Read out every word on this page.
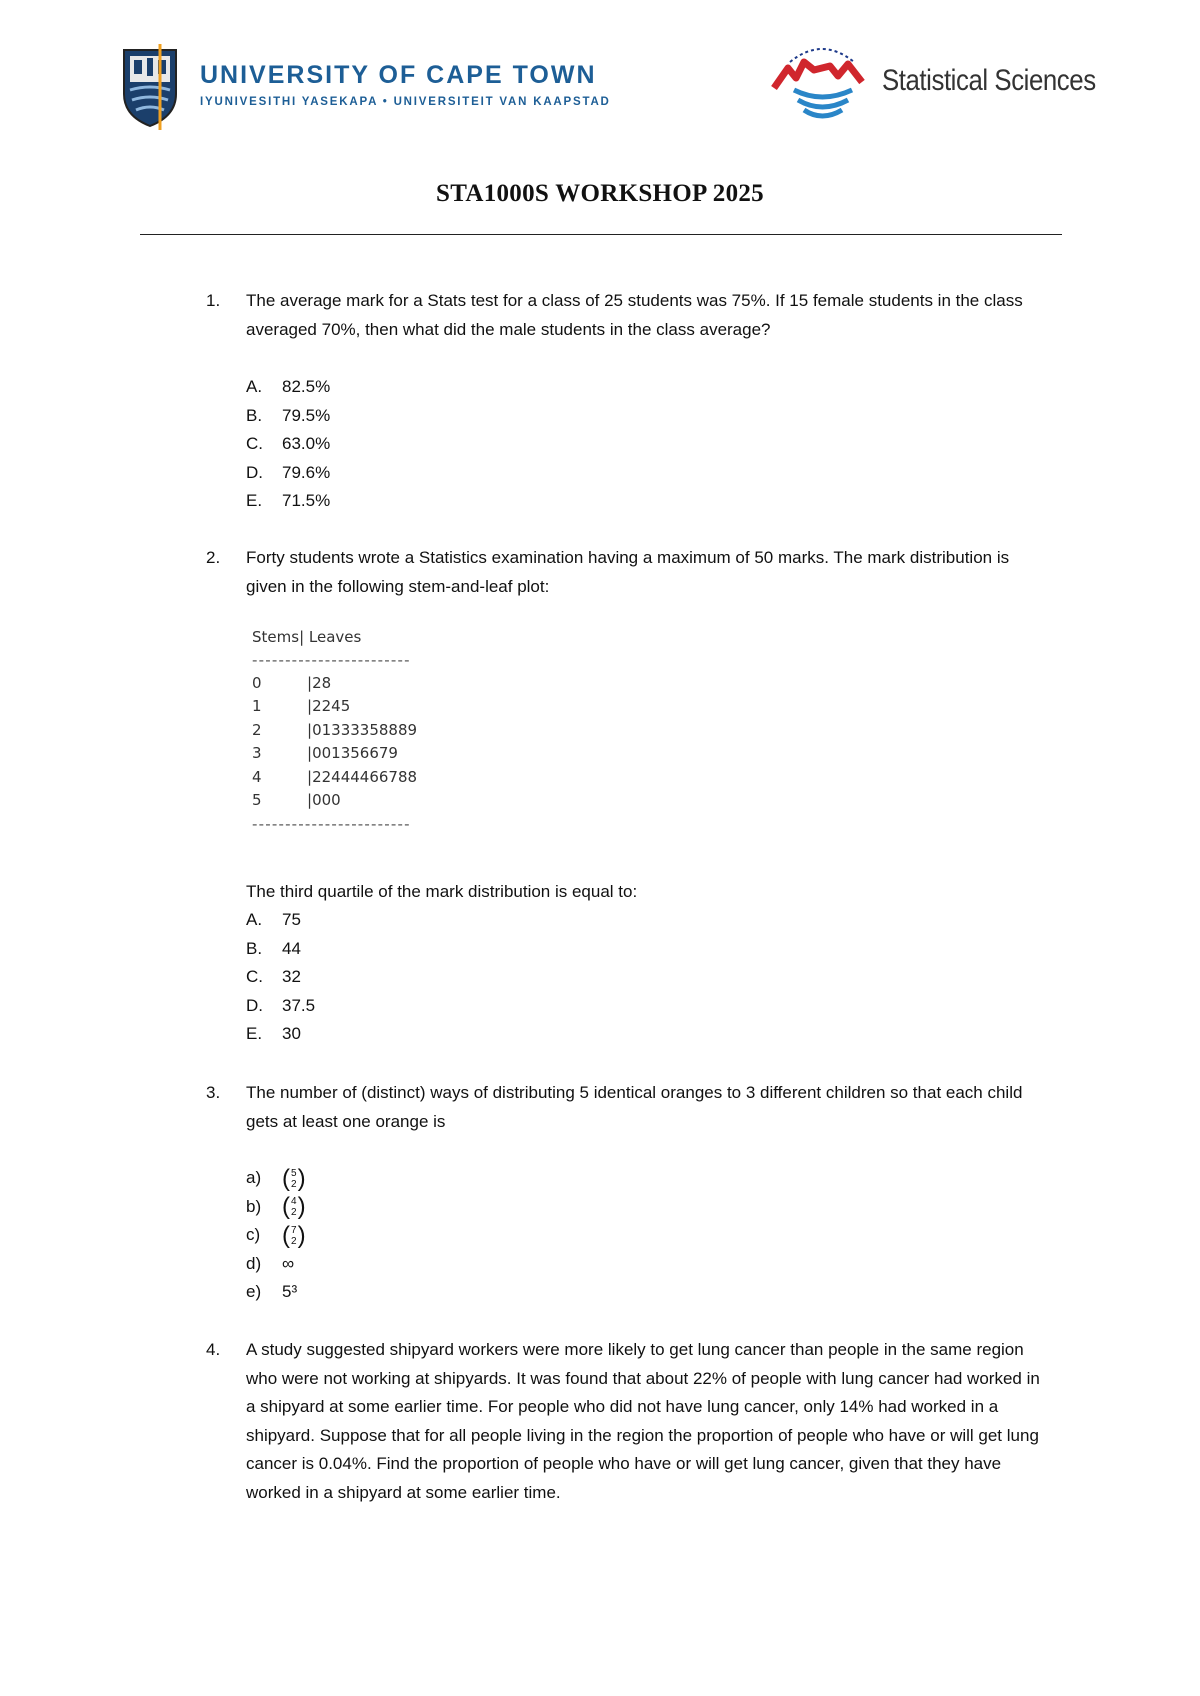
UNIVERSITY OF CAPE TOWN
IYUNIVESITHI YASEKAPA • UNIVERSITEIT VAN KAAPSTAD
Statistical Sciences
STA1000S WORKSHOP 2025
1. The average mark for a Stats test for a class of 25 students was 75%. If 15 female students in the class averaged 70%, then what did the male students in the class average?
A. 82.5%
B. 79.5%
C. 63.0%
D. 79.6%
E. 71.5%
2. Forty students wrote a Statistics examination having a maximum of 50 marks. The mark distribution is given in the following stem-and-leaf plot:
Stems| Leaves
------------------------
0	|28
1	|2245
2	|01333358889
3	|001356679
4	|22444466788
5	|000
------------------------
The third quartile of the mark distribution is equal to:
A. 75
B. 44
C. 32
D. 37.5
E. 30
3. The number of (distinct) ways of distributing 5 identical oranges to 3 different children so that each child gets at least one orange is
a) ( 5
2 )
b) ( 4
2 )
c) ( 7
2 )
d) ∞
e) 5³
4. A study suggested shipyard workers were more likely to get lung cancer than people in the same region who were not working at shipyards. It was found that about 22% of people with lung cancer had worked in a shipyard at some earlier time. For people who did not have lung cancer, only 14% had worked in a shipyard. Suppose that for all people living in the region the proportion of people who have or will get lung cancer is 0.04%. Find the proportion of people who have or will get lung cancer, given that they have worked in a shipyard at some earlier time.
